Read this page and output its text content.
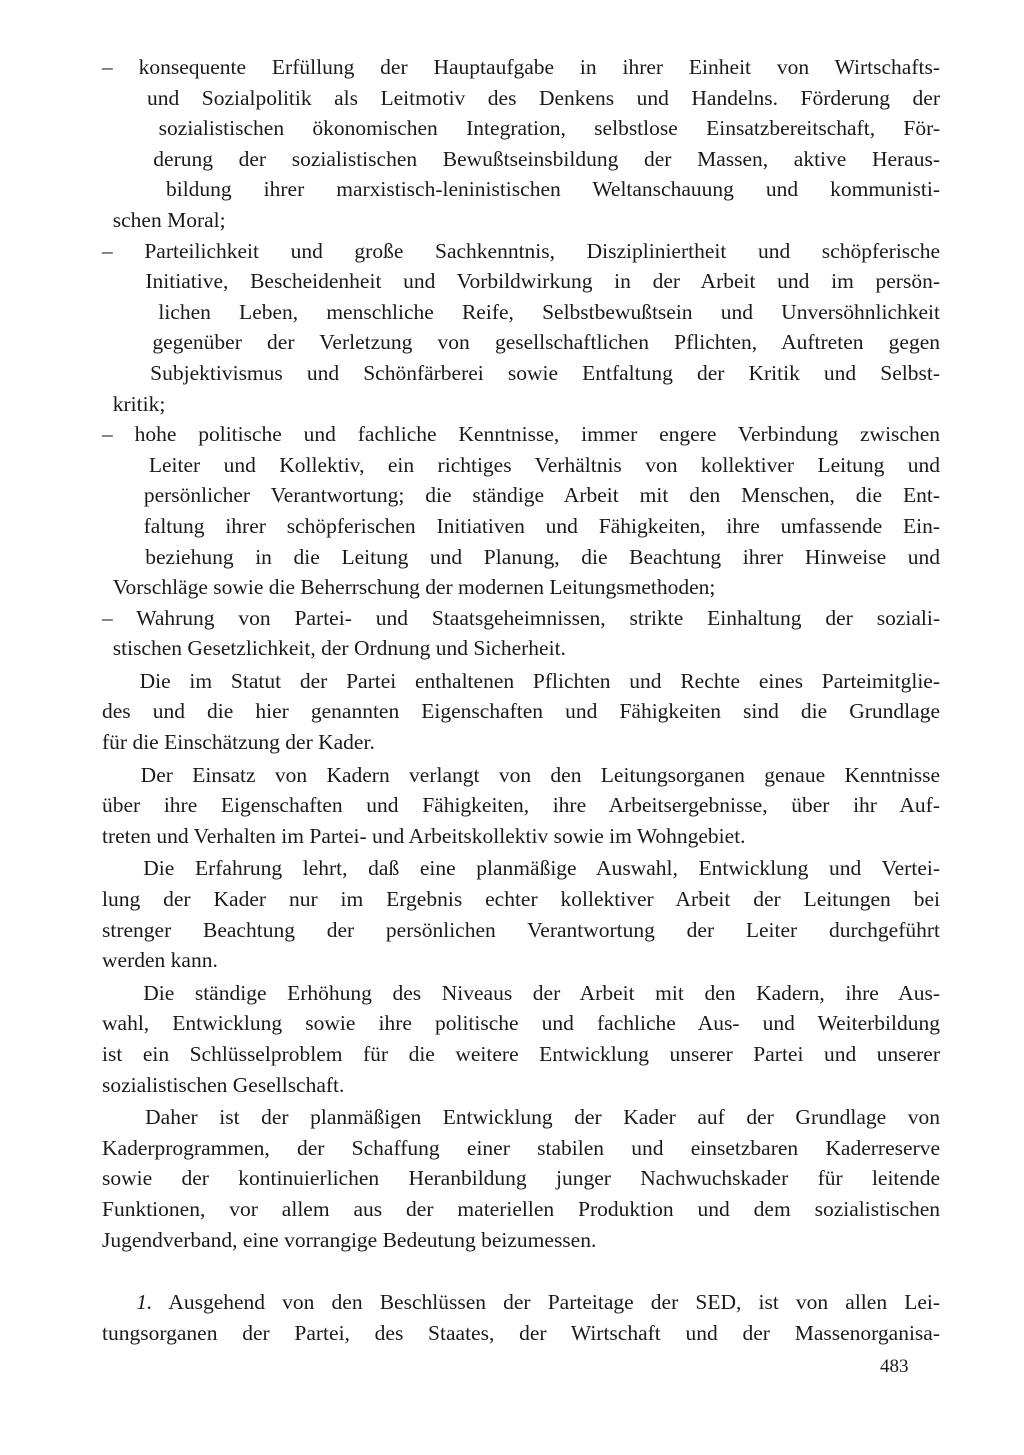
– konsequente Erfüllung der Hauptaufgabe in ihrer Einheit von Wirtschafts-
und Sozialpolitik als Leitmotiv des Denkens und Handelns. Förderung der
sozialistischen ökonomischen Integration, selbstlose Einsatzbereitschaft, För-
derung der sozialistischen Bewußtseinsbildung der Massen, aktive Heraus-
bildung ihrer marxistisch-leninistischen Weltanschauung und kommunisti-
schen Moral;
– Parteilichkeit und große Sachkenntnis, Diszipliniertheit und schöpferische
Initiative, Bescheidenheit und Vorbildwirkung in der Arbeit und im persön-
lichen Leben, menschliche Reife, Selbstbewußtsein und Unversöhnlichkeit
gegenüber der Verletzung von gesellschaftlichen Pflichten, Auftreten gegen
Subjektivismus und Schönfärberei sowie Entfaltung der Kritik und Selbst-
kritik;
– hohe politische und fachliche Kenntnisse, immer engere Verbindung zwischen
Leiter und Kollektiv, ein richtiges Verhältnis von kollektiver Leitung und
persönlicher Verantwortung; die ständige Arbeit mit den Menschen, die Ent-
faltung ihrer schöpferischen Initiativen und Fähigkeiten, ihre umfassende Ein-
beziehung in die Leitung und Planung, die Beachtung ihrer Hinweise und
Vorschläge sowie die Beherrschung der modernen Leitungsmethoden;
– Wahrung von Partei- und Staatsgeheimnissen, strikte Einhaltung der soziali-
stischen Gesetzlichkeit, der Ordnung und Sicherheit.
Die im Statut der Partei enthaltenen Pflichten und Rechte eines Parteimitglie-
des und die hier genannten Eigenschaften und Fähigkeiten sind die Grundlage
für die Einschätzung der Kader.
Der Einsatz von Kadern verlangt von den Leitungsorganen genaue Kenntnisse
über ihre Eigenschaften und Fähigkeiten, ihre Arbeitsergebnisse, über ihr Auf-
treten und Verhalten im Partei- und Arbeitskollektiv sowie im Wohngebiet.
Die Erfahrung lehrt, daß eine planmäßige Auswahl, Entwicklung und Vertei-
lung der Kader nur im Ergebnis echter kollektiver Arbeit der Leitungen bei
strenger Beachtung der persönlichen Verantwortung der Leiter durchgeführt
werden kann.
Die ständige Erhöhung des Niveaus der Arbeit mit den Kadern, ihre Aus-
wahl, Entwicklung sowie ihre politische und fachliche Aus- und Weiterbildung
ist ein Schlüsselproblem für die weitere Entwicklung unserer Partei und unserer
sozialistischen Gesellschaft.
Daher ist der planmäßigen Entwicklung der Kader auf der Grundlage von
Kaderprogrammen, der Schaffung einer stabilen und einsetzbaren Kaderreserve
sowie der kontinuierlichen Heranbildung junger Nachwuchskader für leitende
Funktionen, vor allem aus der materiellen Produktion und dem sozialistischen
Jugendverband, eine vorrangige Bedeutung beizumessen.
1. Ausgehend von den Beschlüssen der Parteitage der SED, ist von allen Lei-
tungsorganen der Partei, des Staates, der Wirtschaft und der Massenorganisa-
483
